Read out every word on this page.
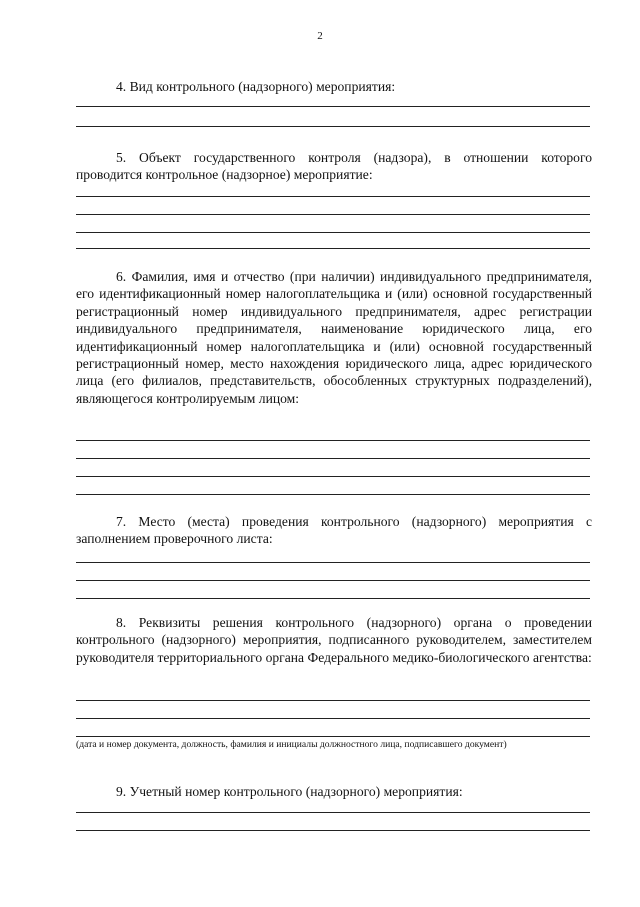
2
4. Вид контрольного (надзорного) мероприятия:
5. Объект государственного контроля (надзора), в отношении которого проводится контрольное (надзорное) мероприятие:
6. Фамилия, имя и отчество (при наличии) индивидуального предпринимателя, его идентификационный номер налогоплательщика и (или) основной государственный регистрационный номер индивидуального предпринимателя, адрес регистрации индивидуального предпринимателя, наименование юридического лица, его идентификационный номер налогоплательщика и (или) основной государственный регистрационный номер, место нахождения юридического лица, адрес юридического лица (его филиалов, представительств, обособленных структурных подразделений), являющегося контролируемым лицом:
7. Место (места) проведения контрольного (надзорного) мероприятия с заполнением проверочного листа:
8. Реквизиты решения контрольного (надзорного) органа о проведении контрольного (надзорного) мероприятия, подписанного руководителем, заместителем руководителя территориального органа Федерального медико-биологического агентства:
(дата и номер документа, должность, фамилия и инициалы должностного лица, подписавшего документ)
9. Учетный номер контрольного (надзорного) мероприятия:
